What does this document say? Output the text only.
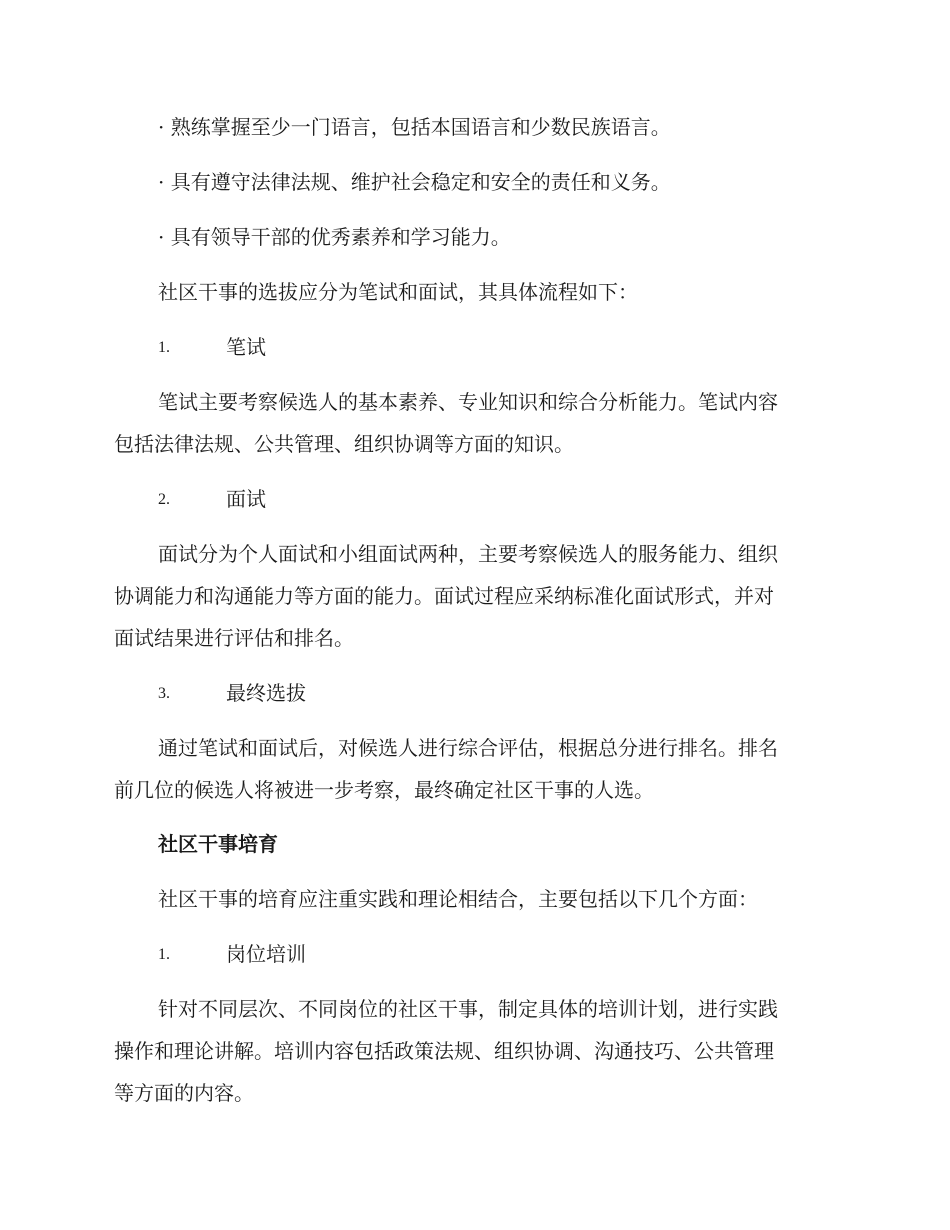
· 熟练掌握至少一门语言，包括本国语言和少数民族语言。
· 具有遵守法律法规、维护社会稳定和安全的责任和义务。
· 具有领导干部的优秀素养和学习能力。
社区干事的选拔应分为笔试和面试，其具体流程如下：
1.	笔试
笔试主要考察候选人的基本素养、专业知识和综合分析能力。笔试内容
包括法律法规、公共管理、组织协调等方面的知识。
2.	面试
面试分为个人面试和小组面试两种，主要考察候选人的服务能力、组织
协调能力和沟通能力等方面的能力。面试过程应采纳标准化面试形式，并对
面试结果进行评估和排名。
3.	最终选拔
通过笔试和面试后，对候选人进行综合评估，根据总分进行排名。排名
前几位的候选人将被进一步考察，最终确定社区干事的人选。
社区干事培育
社区干事的培育应注重实践和理论相结合，主要包括以下几个方面：
1.	岗位培训
针对不同层次、不同岗位的社区干事，制定具体的培训计划，进行实践
操作和理论讲解。培训内容包括政策法规、组织协调、沟通技巧、公共管理
等方面的内容。
